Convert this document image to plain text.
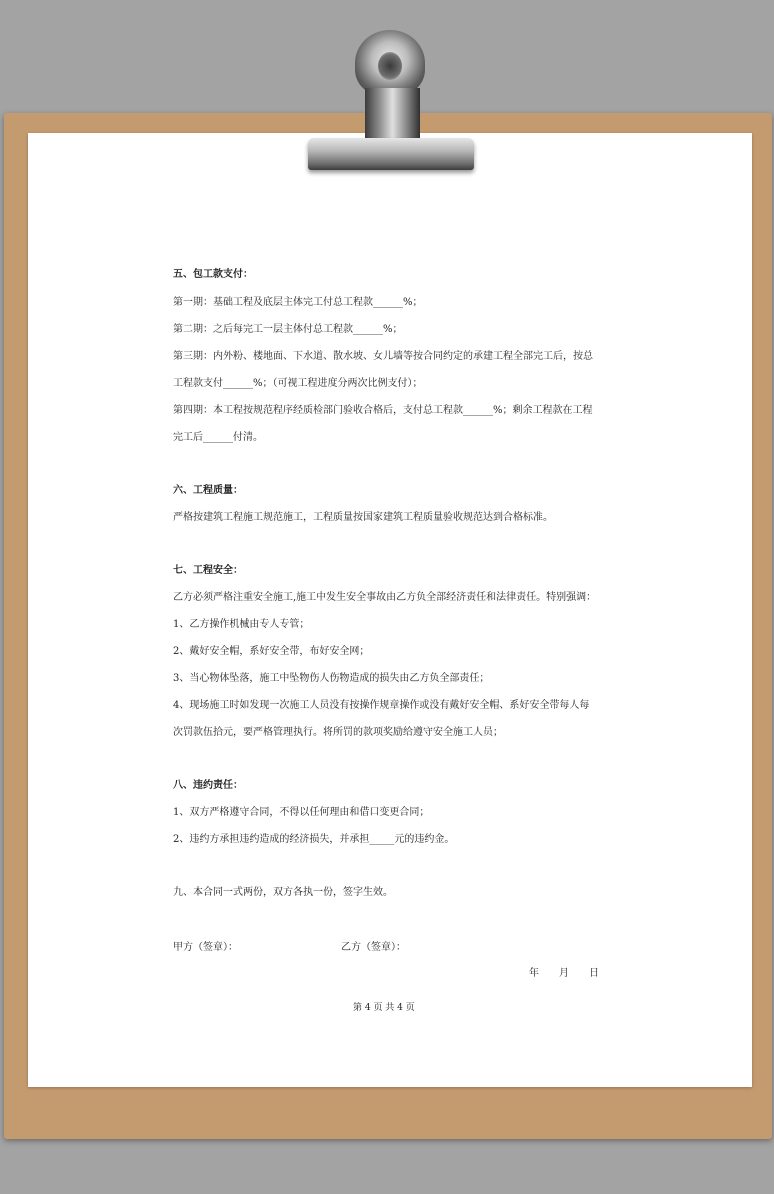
五、包工款支付：
第一期：基础工程及底层主体完工付总工程款______%；
第二期：之后每完工一层主体付总工程款______%；
第三期：内外粉、楼地面、下水道、散水坡、女儿墙等按合同约定的承建工程全部完工后，按总
工程款支付______%；（可视工程进度分两次比例支付）；
第四期：本工程按规范程序经质检部门验收合格后，支付总工程款______%；剩余工程款在工程
完工后______付清。
六、工程质量：
严格按建筑工程施工规范施工，工程质量按国家建筑工程质量验收规范达到合格标准。
七、工程安全：
乙方必须严格注重安全施工,施工中发生安全事故由乙方负全部经济责任和法律责任。特别强调：
1、乙方操作机械由专人专管；
2、戴好安全帽，系好安全带，布好安全网；
3、当心物体坠落，施工中坠物伤人伤物造成的损失由乙方负全部责任；
4、现场施工时如发现一次施工人员没有按操作规章操作或没有戴好安全帽、系好安全带每人每
次罚款伍拾元，要严格管理执行。将所罚的款项奖励给遵守安全施工人员；
八、违约责任：
1、双方严格遵守合同，不得以任何理由和借口变更合同；
2、违约方承担违约造成的经济损失，并承担_____元的违约金。
九、本合同一式两份，双方各执一份，签字生效。
甲方（签章）：	乙方（签章）：
年　　月　　日
第 4 页 共 4 页
